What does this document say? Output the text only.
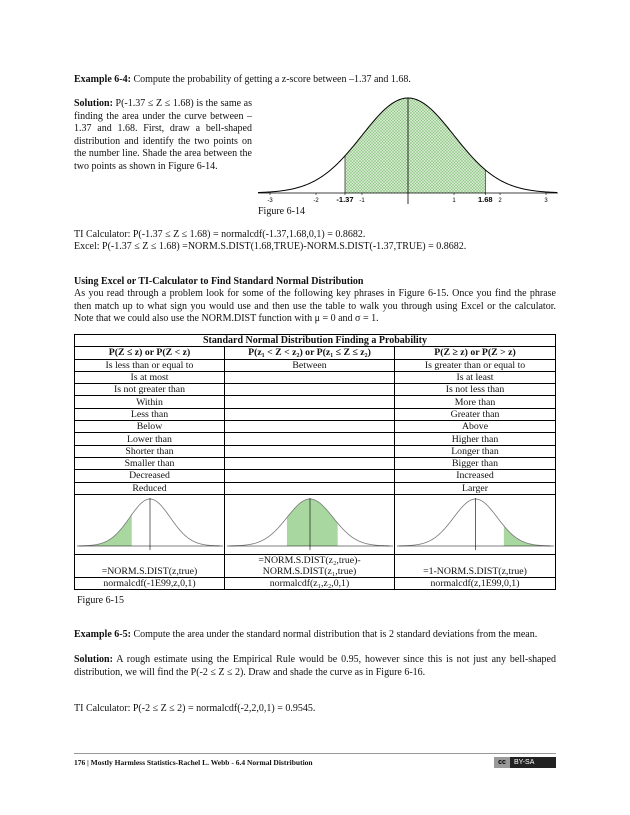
Example 6-4: Compute the probability of getting a z-score between –1.37 and 1.68.

Solution: P(-1.37 ≤ Z ≤ 1.68) is the same as finding the area under the curve between –1.37 and 1.68. First, draw a bell-shaped distribution and identify the two points on the number line. Shade the area between the two points as shown in Figure 6-14.

-3	-2 -1.37 -1	1	1.68 2	3

Figure 6-14

TI Calculator: P(-1.37 ≤ Z ≤ 1.68) = normalcdf(-1.37,1.68,0,1) = 0.8682.

Excel: P(-1.37 ≤ Z ≤ 1.68) =NORM.S.DIST(1.68,TRUE)-NORM.S.DIST(-1.37,TRUE) = 0.8682.

Using Excel or TI-Calculator to Find Standard Normal Distribution

As you read through a problem look for some of the following key phrases in Figure 6-15. Once you find the phrase then match up to what sign you would use and then use the table to walk you through using Excel or the calculator. Note that we could also use the NORM.DIST function with μ = 0 and σ = 1.

Standard Normal Distribution Finding a Probability		
P(Z ≤ z) or P(Z < z)	P(z₁ < Z < z₂) or P(z₁ ≤ Z ≤ z₂)	P(Z ≥ z) or P(Z > z)
Is less than or equal to	Between	Is greater than or equal to
Is at most		Is at least
Is not greater than		Is not less than
Within		More than
Less than		Greater than
Below		Above
Lower than		Higher than
Shorter than		Longer than
Smaller than		Bigger than
Decreased		Increased
Reduced		Larger

=NORM.S.DIST(z,true)	=NORM.S.DIST(z₂,true)-NORM.S.DIST(z₁,true)	=1-NORM.S.DIST(z,true)
normalcdf(-1E99,z,0,1)	normalcdf(z₁,z₂,0,1)	normalcdf(z,1E99,0,1)

Figure 6-15

Example 6-5: Compute the area under the standard normal distribution that is 2 standard deviations from the mean.

Solution: A rough estimate using the Empirical Rule would be 0.95, however since this is not just any bell-shaped distribution, we will find the P(-2 ≤ Z ≤ 2). Draw and shade the curve as in Figure 6-16.

TI Calculator: P(-2 ≤ Z ≤ 2) = normalcdf(-2,2,0,1) = 0.9545.

176 | Mostly Harmless Statistics-Rachel L. Webb - 6.4 Normal Distribution	cc BY-SA
